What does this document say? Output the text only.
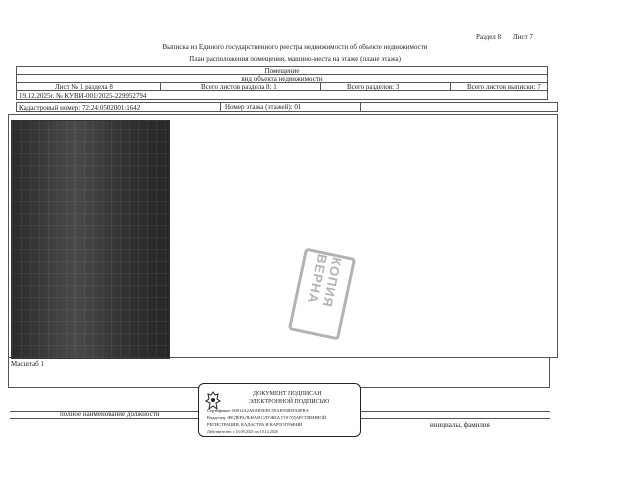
Раздел 8 Лист 7
Выписка из Единого государственного реестра недвижимости об объекте недвижимости
План расположения помещения, машино-места на этаже (плане этажа)
Помещение
вид объекта недвижимости
Лист № 1 раздела 8	Всего листов раздела 8: 1	Всего разделов: 3	Всего листов выписки: 7
19.12.2025г. № КУВИ-001/2025-229952794
Кадастровый номер: 72:24:0502001:1642	Номер этажа (этажей): 01
КОПИЯ ВЕРНА
Масштаб 1
полное наименование должности
инициалы, фамилия
ДОКУМЕНТ ПОДПИСАН
ЭЛЕКТРОННОЙ ПОДПИСЬЮ
Сертификат: 00914A2A8AB5EBC59AE950DFA0FBA
Владелец: ФЕДЕРАЛЬНАЯ СЛУЖБА ГОСУДАРСТВЕННОЙ
РЕГИСТРАЦИИ, КАДАСТРА И КАРТОГРАФИИ
Действителен: с 16.09.2025 по 10.12.2026
